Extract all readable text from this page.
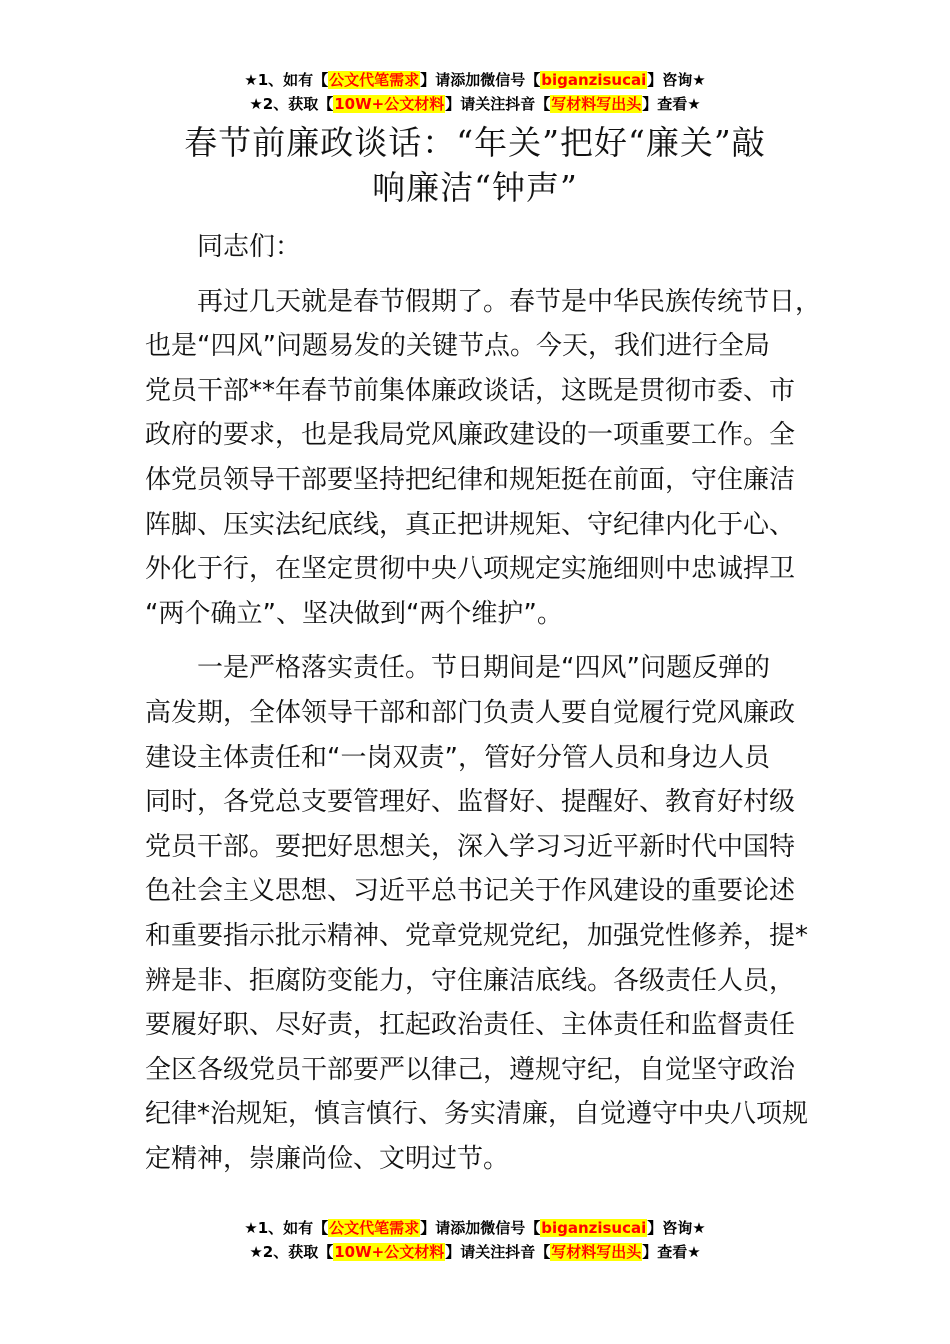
★1、如有【公文代笔需求】请添加微信号【biganzisucai】咨询★
★2、获取【10W+公文材料】请关注抖音【写材料写出头】查看★
春节前廉政谈话：“年关”把好“廉关”敲
响廉洁“钟声”
同志们：
再过几天就是春节假期了。春节是中华民族传统节日，
也是“四风”问题易发的关键节点。今天，我们进行全局
党员干部**年春节前集体廉政谈话，这既是贯彻市委、市
政府的要求，也是我局党风廉政建设的一项重要工作。全
体党员领导干部要坚持把纪律和规矩挺在前面，守住廉洁
阵脚、压实法纪底线，真正把讲规矩、守纪律内化于心、
外化于行，在坚定贯彻中央八项规定实施细则中忠诚捍卫
“两个确立”、坚决做到“两个维护”。
一是严格落实责任。节日期间是“四风”问题反弹的
高发期，全体领导干部和部门负责人要自觉履行党风廉政
建设主体责任和“一岗双责”，管好分管人员和身边人员
同时，各党总支要管理好、监督好、提醒好、教育好村级
党员干部。要把好思想关，深入学习习近平新时代中国特
色社会主义思想、习近平总书记关于作风建设的重要论述
和重要指示批示精神、党章党规党纪，加强党性修养，提*
辨是非、拒腐防变能力，守住廉洁底线。各级责任人员，
要履好职、尽好责，扛起政治责任、主体责任和监督责任
全区各级党员干部要严以律己，遵规守纪，自觉坚守政治
纪律*治规矩，慎言慎行、务实清廉，自觉遵守中央八项规
定精神，崇廉尚俭、文明过节。
★1、如有【公文代笔需求】请添加微信号【biganzisucai】咨询★
★2、获取【10W+公文材料】请关注抖音【写材料写出头】查看★
